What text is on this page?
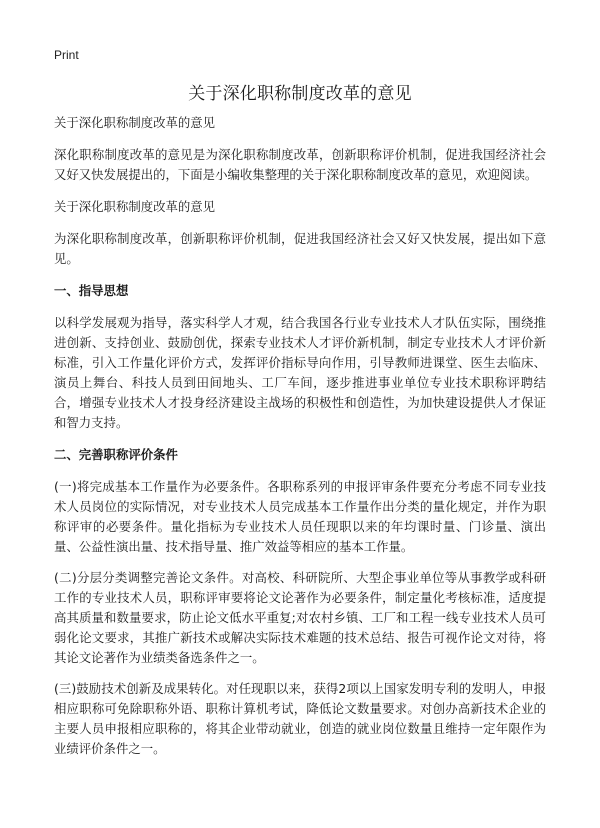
Print
关于深化职称制度改革的意见

关于深化职称制度改革的意见

深化职称制度改革的意见是为深化职称制度改革，创新职称评价机制，促进我国经济社会又好又快发展提出的，下面是小编收集整理的关于深化职称制度改革的意见，欢迎阅读。

关于深化职称制度改革的意见

为深化职称制度改革，创新职称评价机制，促进我国经济社会又好又快发展，提出如下意见。

一、指导思想

以科学发展观为指导，落实科学人才观，结合我国各行业专业技术人才队伍实际，围绕推进创新、支持创业、鼓励创优，探索专业技术人才评价新机制，制定专业技术人才评价新标准，引入工作量化评价方式，发挥评价指标导向作用，引导教师进课堂、医生去临床、演员上舞台、科技人员到田间地头、工厂车间，逐步推进事业单位专业技术职称评聘结合，增强专业技术人才投身经济建设主战场的积极性和创造性，为加快建设提供人才保证和智力支持。

二、完善职称评价条件

(一)将完成基本工作量作为必要条件。各职称系列的申报评审条件要充分考虑不同专业技术人员岗位的实际情况，对专业技术人员完成基本工作量作出分类的量化规定，并作为职称评审的必要条件。量化指标为专业技术人员任现职以来的年均课时量、门诊量、演出量、公益性演出量、技术指导量、推广效益等相应的基本工作量。

(二)分层分类调整完善论文条件。对高校、科研院所、大型企事业单位等从事教学或科研工作的专业技术人员，职称评审要将论文论著作为必要条件，制定量化考核标准，适度提高其质量和数量要求，防止论文低水平重复;对农村乡镇、工厂和工程一线专业技术人员可弱化论文要求，其推广新技术或解决实际技术难题的技术总结、报告可视作论文对待，将其论文论著作为业绩类备选条件之一。

(三)鼓励技术创新及成果转化。对任现职以来，获得2项以上国家发明专利的发明人，申报相应职称可免除职称外语、职称计算机考试，降低论文数量要求。对创办高新技术企业的主要人员申报相应职称的，将其企业带动就业，创造的就业岗位数量且维持一定年限作为业绩评价条件之一。
